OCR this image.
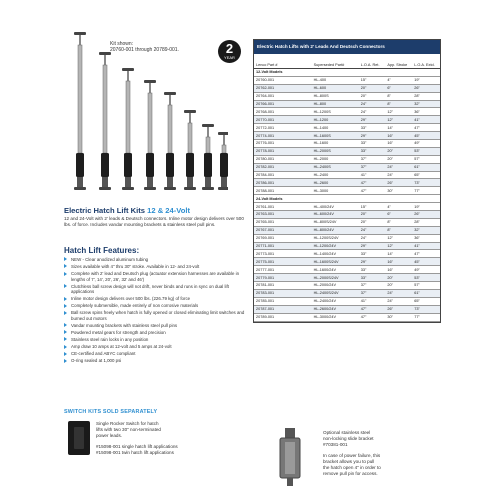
Kit shown:
20760-001 through 20789-001.	2
YEAR
Electric Hatch Lift Kits 12 & 24-Volt
12 and 24-Volt with 2' leads & Deutsch connectors. Inline motor design delivers over 500 lbs. of force. Includes vandar mounting brackets & stainless steel pull pins.
Hatch Lift Features:
NEW - Clear anodized aluminum tubing
Sizes available with 4" thru 30" stroke. Available in 12- and 24-volt
Complete with 2' lead and Deutsch plug (actuator extension harnesses are available in lengths of 7', 14', 20', 26', 32' and 46')
Clutchless ball screw design will not drift, never binds and runs in sync on dual lift applications
Inline motor design delivers over 500 lbs. (226.79 kg) of force
Completely submersible, made entirely of non corrosive materials
Ball screw spins freely when hatch is fully opened or closed eliminating limit switches and burned out motors
Vandar mounting brackets with stainless steel pull pins
Powdered metal gears for strength and precision
Stainless steel rain locks in any position
Amp draw 10 amps at 12-volt and 5 amps at 24-volt
CE-certified and ABYC compliant
O-ring sealed at 1,000 psi
SWITCH KITS SOLD SEPARATELY
Single Rocker Switch for hatch
lifts with two 30" non-terminated
power leads.
#15098-001 single hatch lift applications
#15098-001 twin hatch lift applications
Optional stainless steel
non-locking slide bracket
#70381-001
In case of power failure, this
bracket allows you to pull
the hatch open 4" in order to
remove pull pin for access.
Electric Hatch Lifts with 2' Leads And Deutsch Connectors
Lenco Part #	Superseded Part#	L.O.A. Ret.	App. Stroke	L.O.A. Extd.
12-Volt Models				
20760-001	HL-400	15"	4"	19"
20762-001	HL-600	20"	6"	26"
20764-001	HL-800S	20"	8"	28"
20766-001	HL-800	24"	8"	32"
20768-001	HL-1200S	24"	12"	36"
20770-001	HL-1200	29"	12"	41"
20772-001	HL-1400	33"	14"	47"
20774-001	HL-1600S	29"	16"	45"
20776-001	HL-1600	33"	16"	49"
20778-001	HL-2000S	33"	20"	53"
20780-001	HL-2000	37"	20"	57"
20782-001	HL-2400S	37"	24"	61"
20784-001	HL-2400	41"	24"	65"
20786-001	HL-2600	47"	26"	73"
20788-001	HL-3000	47"	30"	77"
24-Volt Models				
20761-001	HL-400/24V	15"	4"	19"
20763-001	HL-600/24V	20"	6"	26"
20765-001	HL-800S/24V	20"	8"	28"
20767-001	HL-800/24V	24"	8"	32"
20769-001	HL-1200S/24V	24"	12"	36"
20771-001	HL-1200/24V	29"	12"	41"
20773-001	HL-1400/24V	33"	14"	47"
20775-001	HL-1600S/24V	29"	16"	45"
20777-001	HL-1600/24V	33"	16"	49"
20779-001	HL-2000S/24V	33"	20"	53"
20781-001	HL-2000/24V	37"	20"	57"
20783-001	HL-2400S/24V	37"	24"	61"
20785-001	HL-2400/24V	41"	24"	65"
20787-001	HL-2600/24V	47"	26"	73"
20789-001	HL-3000/24V	47"	30"	77"
